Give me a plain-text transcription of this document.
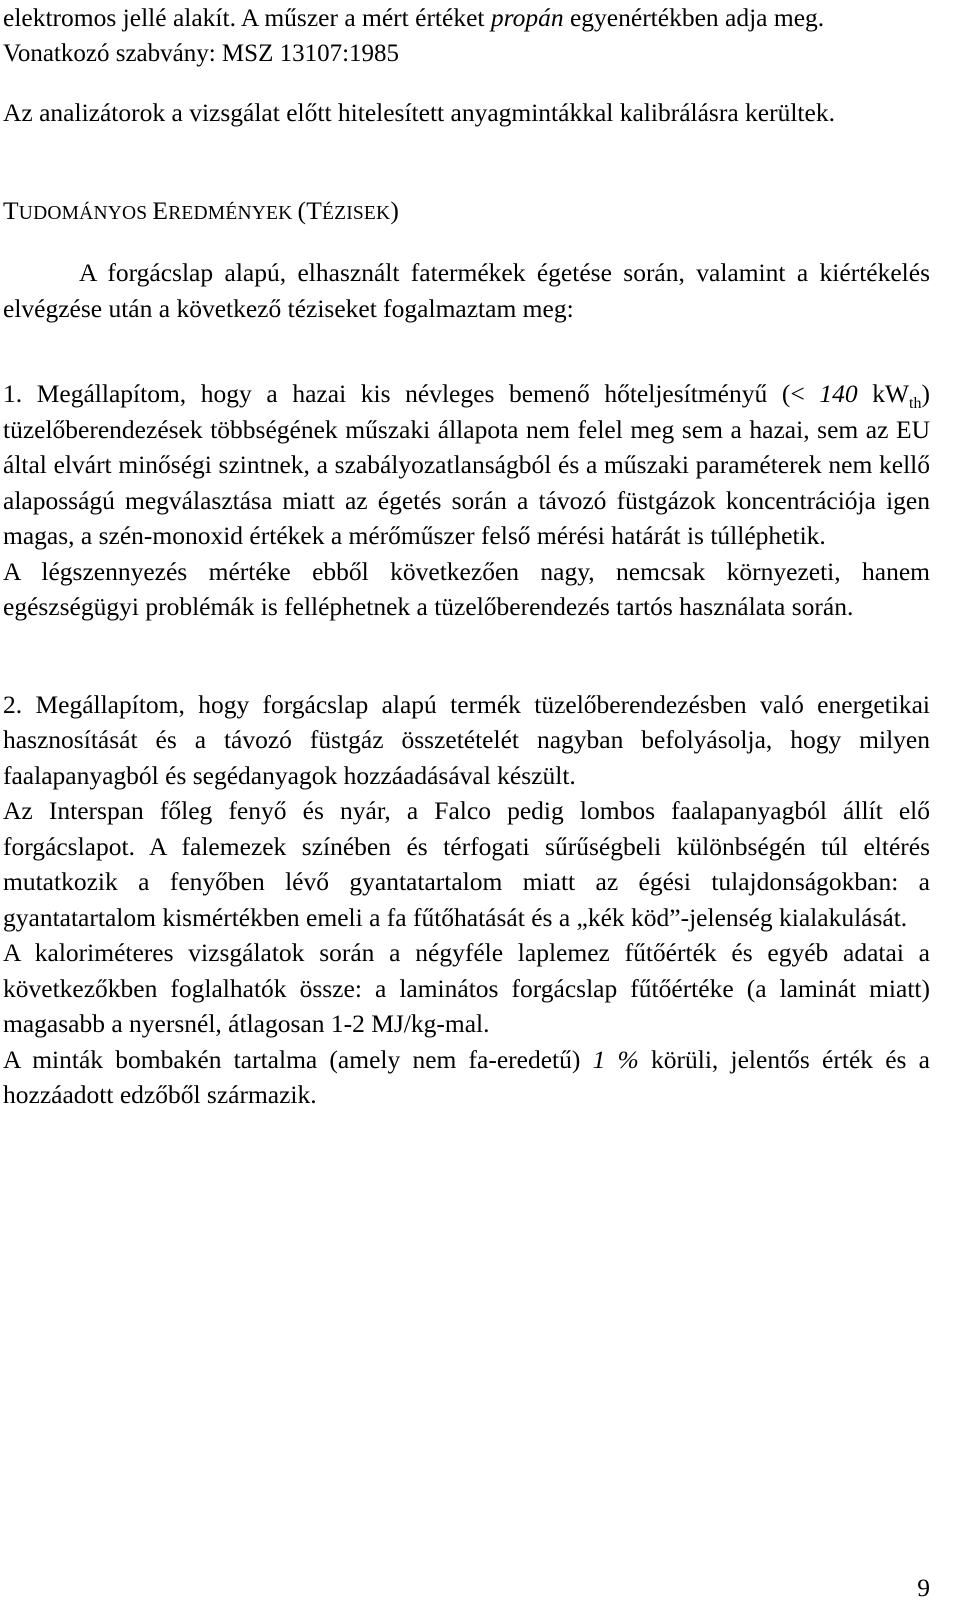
elektromos jellé alakít. A műszer a mért értéket propán egyenértékben adja meg.

Vonatkozó szabvány: MSZ 13107:1985

Az analizátorok a vizsgálat előtt hitelesített anyagmintákkal kalibrálásra kerültek.

TUDOMÁNYOS EREDMÉNYEK (TÉZISEK)

A forgácslap alapú, elhasznált fatermékek égetése során, valamint a kiértékelés elvégzése után a következő téziseket fogalmaztam meg:

1. Megállapítom, hogy a hazai kis névleges bemenő hőteljesítményű (< 140 $kW_{th}$) tüzelőberendezések többségének műszaki állapota nem felel meg sem a hazai, sem az EU által elvárt minőségi szintnek, a szabályozatlanságból és a műszaki paraméterek nem kellő alaposságú megválasztása miatt az égetés során a távozó füstgázok koncentrációja igen magas, a szén-monoxid értékek a mérőműszer felső mérési határát is túlléphetik.

A légszennyezés mértéke ebből következően nagy, nemcsak környezeti, hanem egészségügyi problémák is felléphetnek a tüzelőberendezés tartós használata során.

2. Megállapítom, hogy forgácslap alapú termék tüzelőberendezésben való energetikai hasznosítását és a távozó füstgáz összetételét nagyban befolyásolja, hogy milyen faalapanyagból és segédanyagok hozzáadásával készült.

Az Interspan főleg fenyő és nyár, a Falco pedig lombos faalapanyagból állít elő forgácslapot. A falemezek színében és térfogati sűrűségbeli különbségén túl eltérés mutatkozik a fenyőben lévő gyantatartalom miatt az égési tulajdonságokban: a gyantatartalom kismértékben emeli a fa fűtőhatását és a „kék köd”-jelenség kialakulását.

A kaloriméteres vizsgálatok során a négyféle laplemez fűtőérték és egyéb adatai a következőkben foglalhatók össze: a laminátos forgácslap fűtőértéke (a laminát miatt) magasabb a nyersnél, átlagosan 1-2 MJ/kg-mal.

A minták bombakén tartalma (amely nem fa-eredetű) 1 % körüli, jelentős érték és a hozzáadott edzőből származik.

9
